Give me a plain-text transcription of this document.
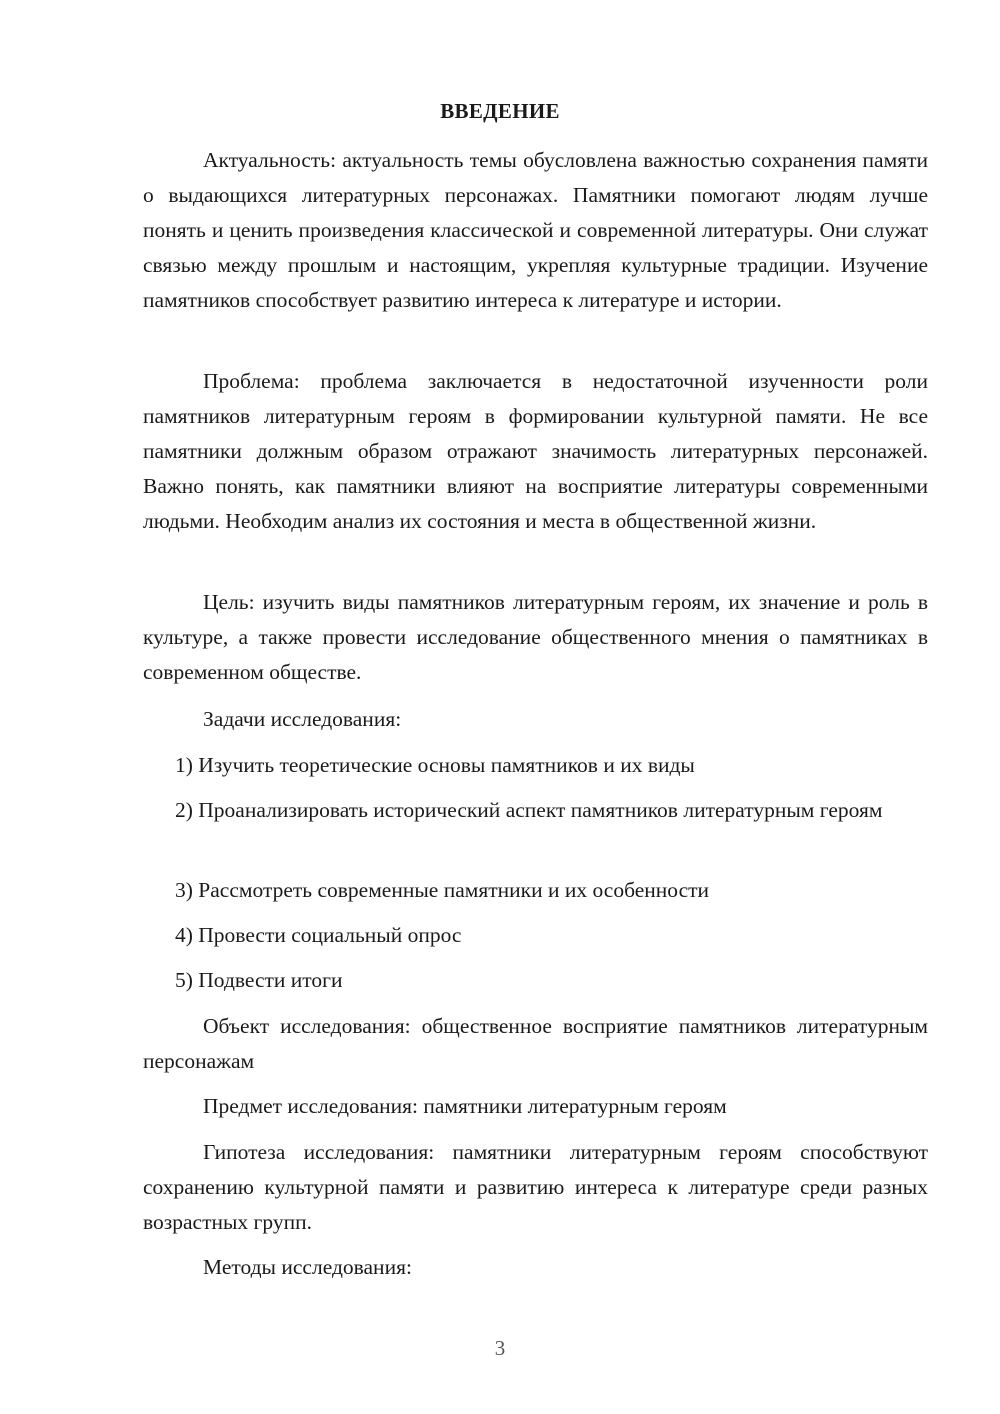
ВВЕДЕНИЕ

Актуальность: актуальность темы обусловлена важностью сохранения памяти о выдающихся литературных персонажах. Памятники помогают людям лучше понять и ценить произведения классической и современной литературы. Они служат связью между прошлым и настоящим, укрепляя культурные традиции. Изучение памятников способствует развитию интереса к литературе и истории.

Проблема: проблема заключается в недостаточной изученности роли памятников литературным героям в формировании культурной памяти. Не все памятники должным образом отражают значимость литературных персонажей. Важно понять, как памятники влияют на восприятие литературы современными людьми. Необходим анализ их состояния и места в общественной жизни.

Цель: изучить виды памятников литературным героям, их значение и роль в культуре, а также провести исследование общественного мнения о памятниках в современном обществе.

Задачи исследования:

1) Изучить теоретические основы памятников и их виды

2) Проанализировать исторический аспект памятников литературным героям

3) Рассмотреть современные памятники и их особенности

4) Провести социальный опрос

5) Подвести итоги

Объект исследования: общественное восприятие памятников литературным персонажам

Предмет исследования: памятники литературным героям

Гипотеза исследования: памятники литературным героям способствуют сохранению культурной памяти и развитию интереса к литературе среди разных возрастных групп.

Методы исследования:

3
